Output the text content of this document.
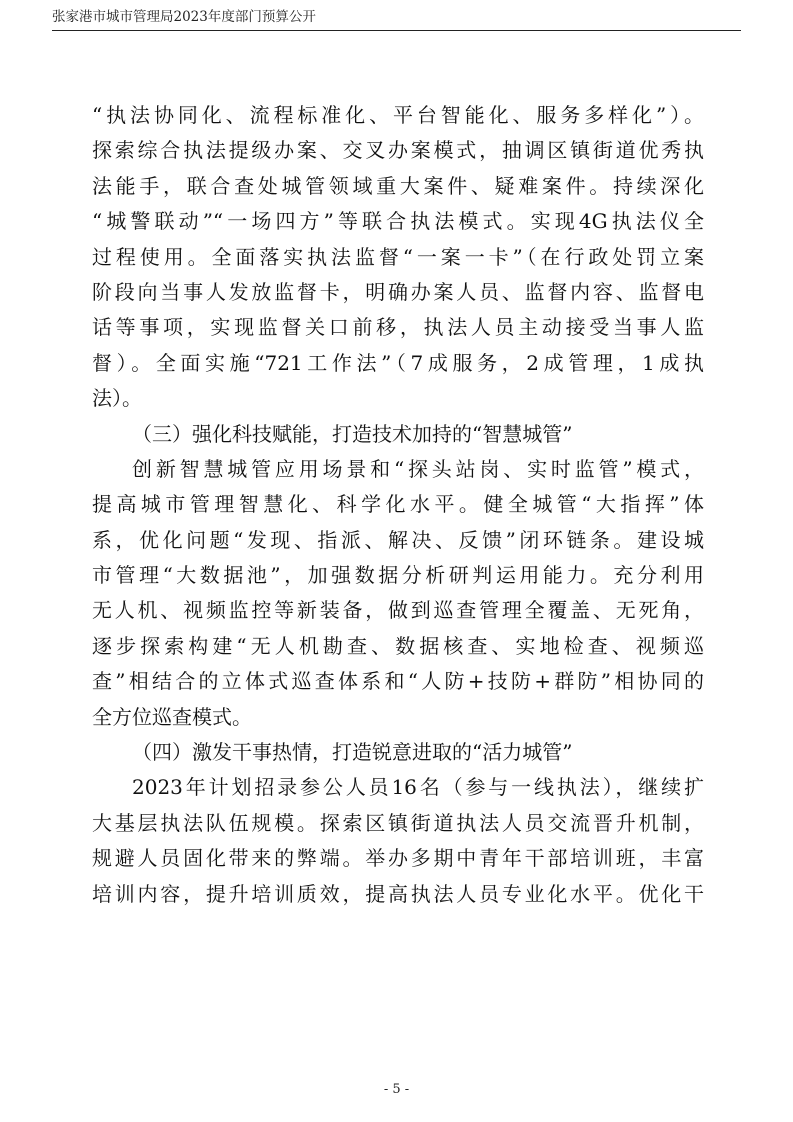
张家港市城市管理局2023年度部门预算公开
“执法协同化、流程标准化、平台智能化、服务多样化”）。
探索综合执法提级办案、交叉办案模式，抽调区镇街道优秀执
法能手，联合查处城管领域重大案件、疑难案件。持续深化
“城警联动”“一场四方”等联合执法模式。实现4G执法仪全
过程使用。全面落实执法监督“一案一卡”（在行政处罚立案
阶段向当事人发放监督卡，明确办案人员、监督内容、监督电
话等事项，实现监督关口前移，执法人员主动接受当事人监
督）。全面实施“721工作法”（7成服务，2成管理，1成执
法）。
（三）强化科技赋能，打造技术加持的“智慧城管”
创新智慧城管应用场景和“探头站岗、实时监管”模式，
提高城市管理智慧化、科学化水平。健全城管“大指挥”体
系，优化问题“发现、指派、解决、反馈”闭环链条。建设城
市管理“大数据池”，加强数据分析研判运用能力。充分利用
无人机、视频监控等新装备，做到巡查管理全覆盖、无死角，
逐步探索构建“无人机勘查、数据核查、实地检查、视频巡
查”相结合的立体式巡查体系和“人防+技防+群防”相协同的
全方位巡查模式。
（四）激发干事热情，打造锐意进取的“活力城管”
2023年计划招录参公人员16名（参与一线执法），继续扩
大基层执法队伍规模。探索区镇街道执法人员交流晋升机制，
规避人员固化带来的弊端。举办多期中青年干部培训班，丰富
培训内容，提升培训质效，提高执法人员专业化水平。优化干
- 5 -
